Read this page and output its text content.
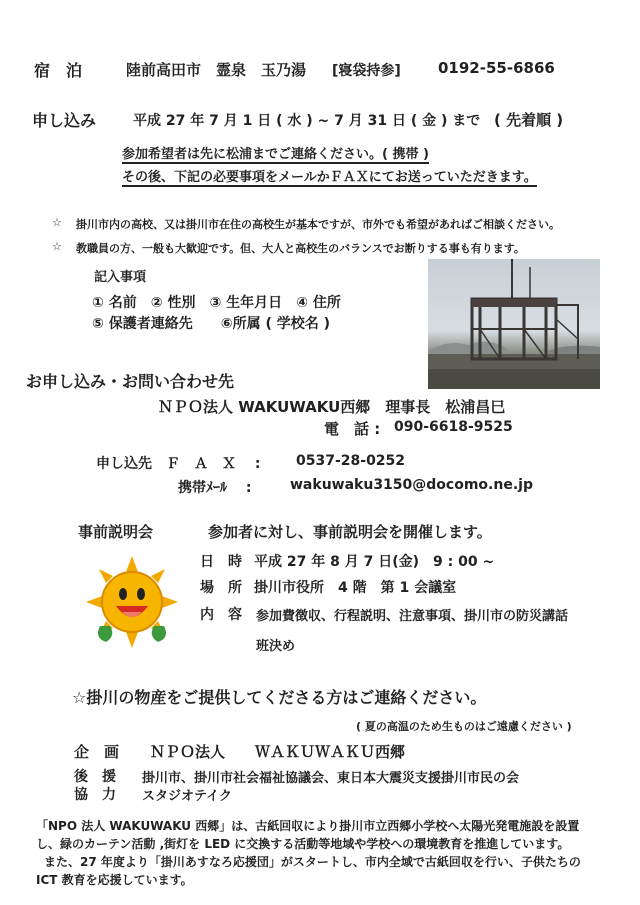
宿　泊	陸前高田市　霊泉　玉乃湯 [寝袋持参] 0192-55-6866
申し込み	平成 27 年 7 月 1 日 ( 水 ) ~ 7 月 31 日 ( 金 ) まで ( 先着順 )
参加希望者は先に松浦までご連絡ください。( 携帯 )
その後、下記の必要事項をメールかＦＡＸにてお送っていただきます。
☆ 掛川市内の高校、又は掛川市在住の高校生が基本ですが、市外でも希望があればご相談ください。
☆ 教職員の方、一般も大歓迎です。但、大人と高校生のバランスでお断りする事も有ります。
記入事項
① 名前　② 性別　③ 生年月日　④ 住所
⑤ 保護者連絡先　　⑥所属 ( 学校名 )
お申し込み・お問い合わせ先
ＮＰＯ法人 WAKUWAKU西郷　理事長　松浦昌巳
電　話 : 090-6618-9525
申し込先　Ｆ　Ａ　Ｘ　 :	0537-28-0252
携帯ﾒｰﾙ　 :	wakuwaku3150@docomo.ne.jp
事前説明会	参加者に対し、事前説明会を開催します。
日　時 平成 27 年 8 月 7 日(金)　9 : 00 ~
場　所 掛川市役所　4 階　第 1 会議室
内　容 参加費徴収、行程説明、注意事項、掛川市の防災講話
班決め
☆掛川の物産をご提供してくださる方はご連絡ください。
( 夏の高温のため生ものはご遠慮ください )
企　画 ＮＰＯ法人　　ＷＡＫＵＷＡＫＵ西郷
後　援 掛川市、掛川市社会福祉協議会、東日本大震災支援掛川市民の会
協　力 スタジオテイク
「NPO 法人 WAKUWAKU 西郷」は、古紙回収により掛川市立西郷小学校へ太陽光発電施設を設置
し、緑のカーテン活動 ,街灯を LED に交換する活動等地域や学校への環境教育を推進しています。
また、27 年度より「掛川あすなろ応援団」がスタートし、市内全域で古紙回収を行い、子供たちの
ICT 教育を応援しています。
